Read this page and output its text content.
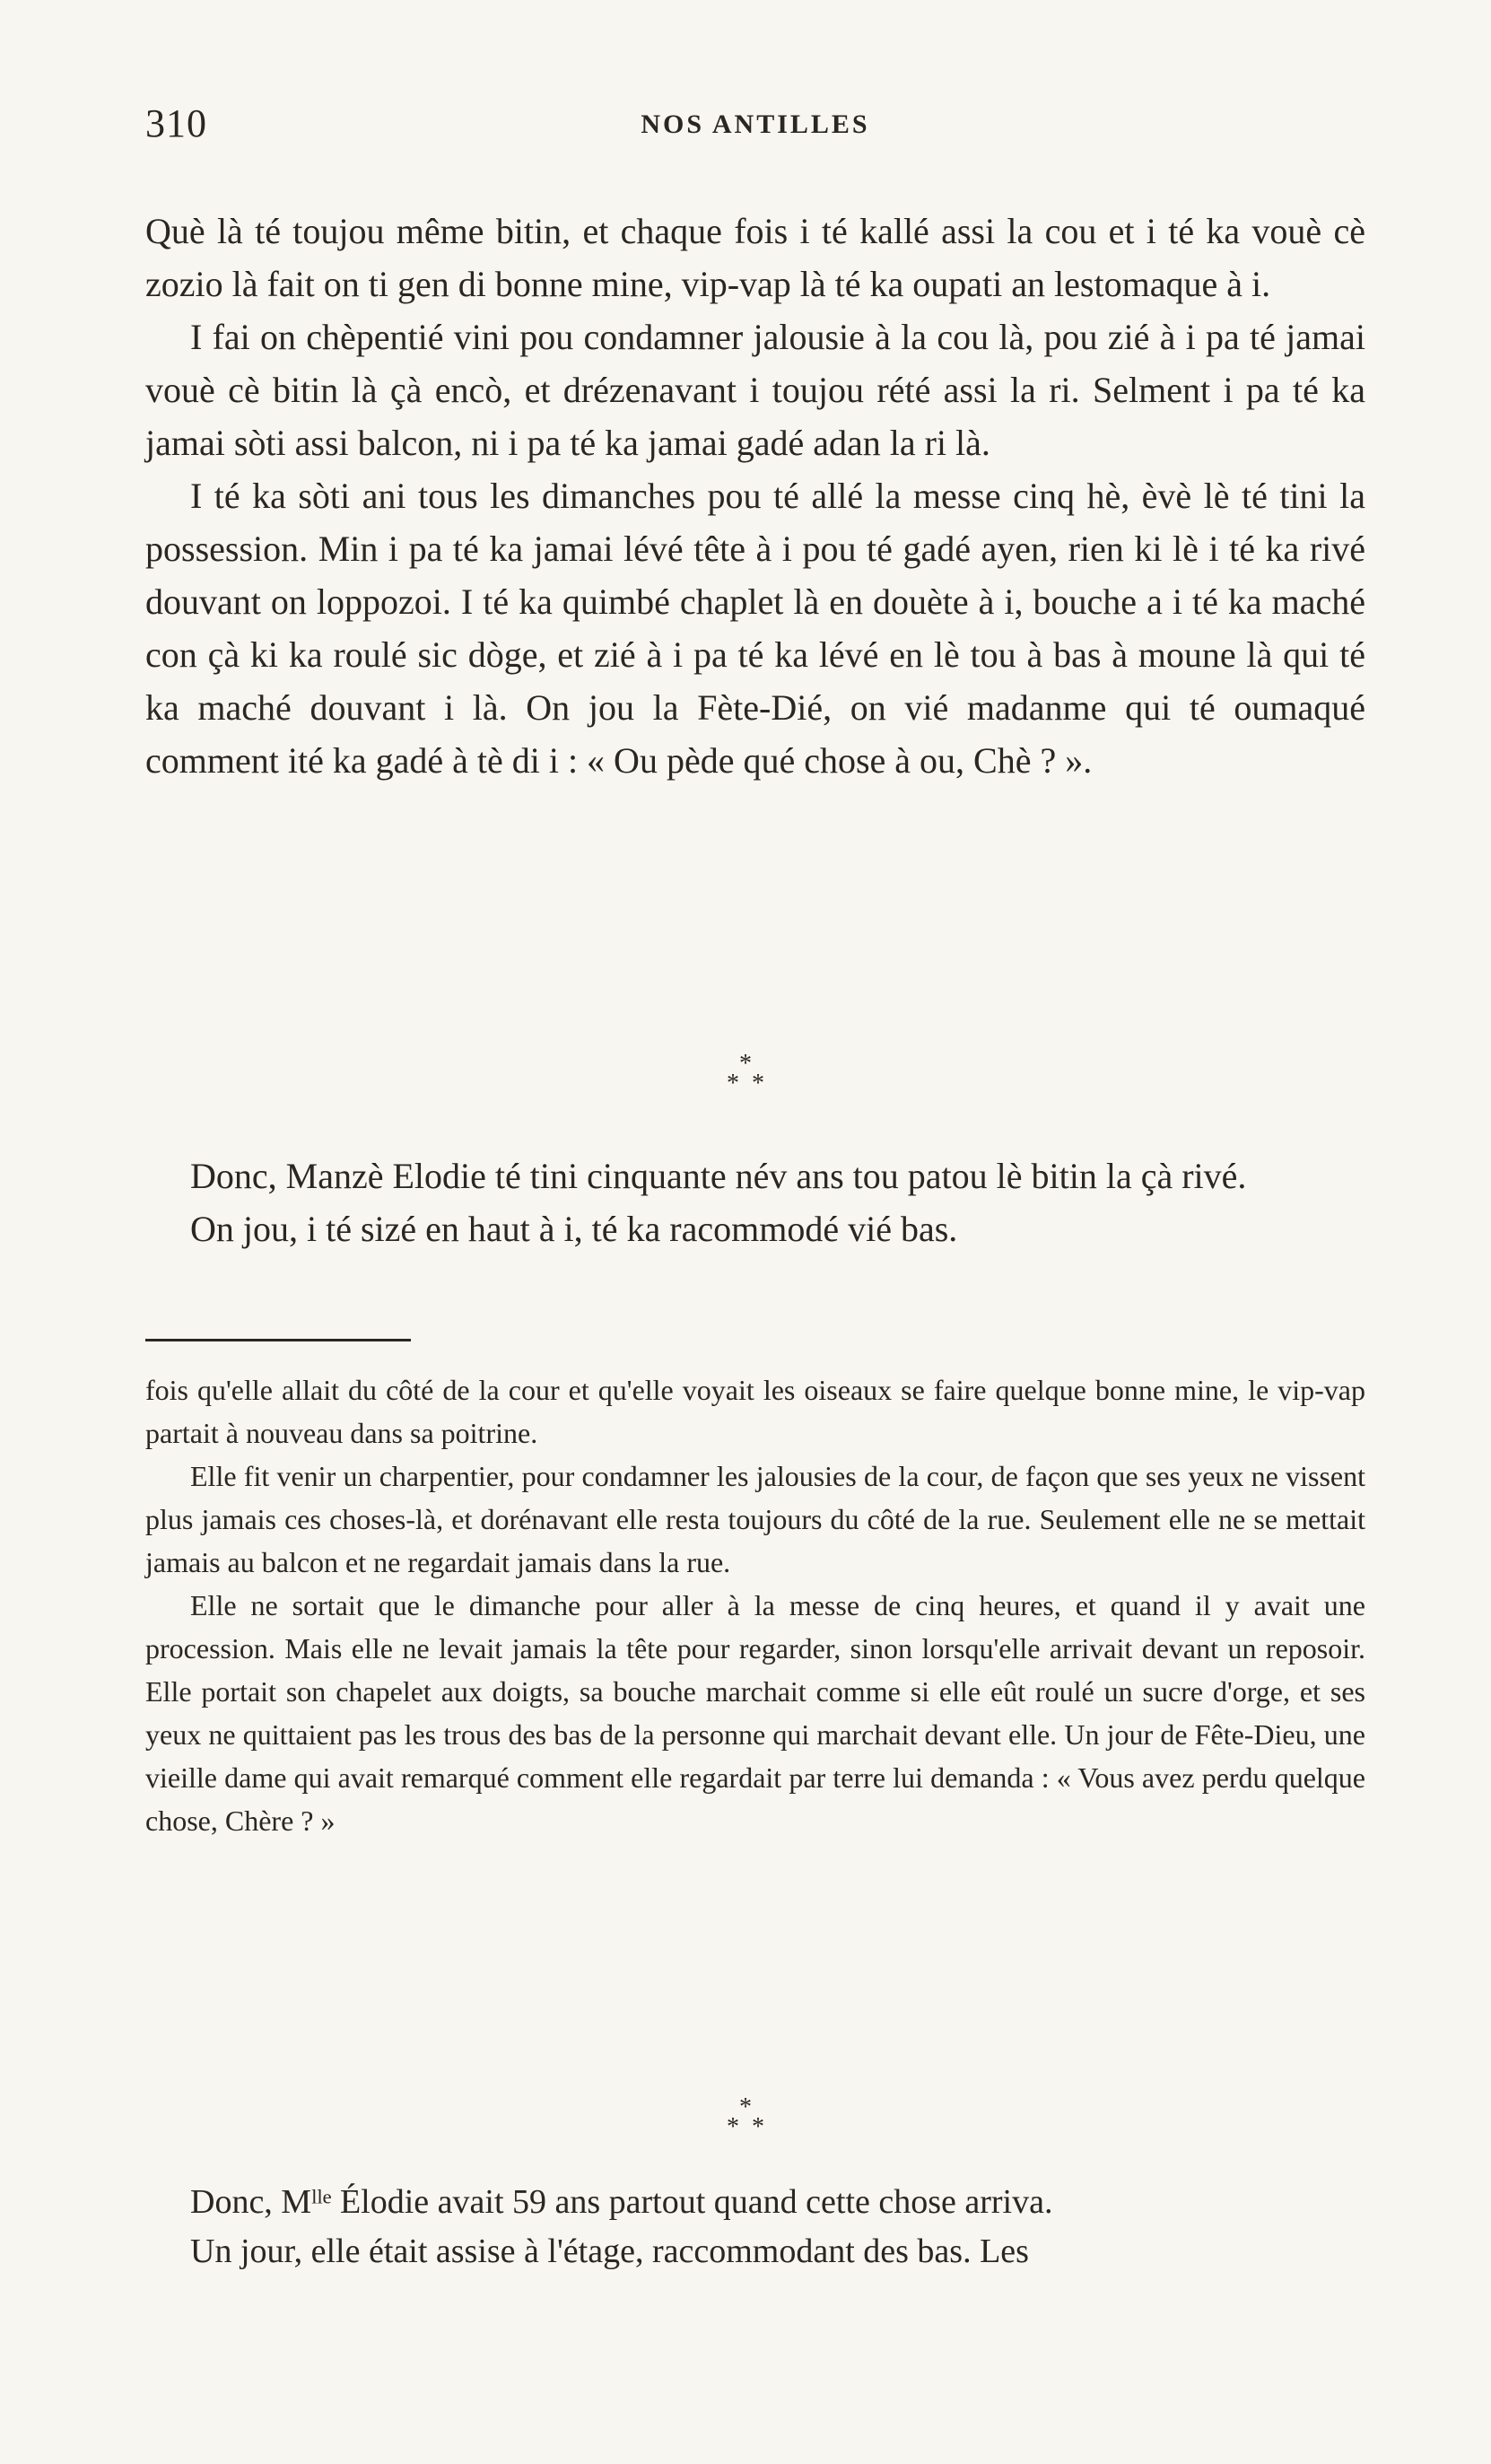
310	NOS ANTILLES

Què là té toujou même bitin, et chaque fois i té kallé assi la cou et i té ka vouè cè zozio là fait on ti gen di bonne mine, vip-vap là té ka oupati an lestomaque à i.

I fai on chèpentié vini pou condamner jalousie à la cou là, pou zié à i pa té jamai vouè cè bitin là çà encò, et drézenavant i toujou rété assi la ri. Selment i pa té ka jamai sòti assi balcon, ni i pa té ka jamai gadé adan la ri là.

I té ka sòti ani tous les dimanches pou té allé la messe cinq hè, èvè lè té tini la possession. Min i pa té ka jamai lévé tête à i pou té gadé ayen, rien ki lè i té ka rivé douvant on loppozoi. I té ka quimbé chaplet là en douète à i, bouche a i té ka maché con çà ki ka roulé sic dòge, et zié à i pa té ka lévé en lè tou à bas à moune là qui té ka maché douvant i là. On jou la Fète-Dié, on vié madanme qui té oumaqué comment ité ka gadé à tè di i : « Ou pède qué chose à ou, Chè ? ».

*
**

Donc, Manzè Elodie té tini cinquante név ans tou patou lè bitin la çà rivé.

On jou, i té sizé en haut à i, té ka racommodé vié bas.

fois qu'elle allait du côté de la cour et qu'elle voyait les oiseaux se faire quelque bonne mine, le vip-vap partait à nouveau dans sa poitrine.

Elle fit venir un charpentier, pour condamner les jalousies de la cour, de façon que ses yeux ne vissent plus jamais ces choses-là, et dorénavant elle resta toujours du côté de la rue. Seulement elle ne se mettait jamais au balcon et ne regardait jamais dans la rue.

Elle ne sortait que le dimanche pour aller à la messe de cinq heures, et quand il y avait une procession. Mais elle ne levait jamais la tête pour regarder, sinon lorsqu'elle arrivait devant un reposoir. Elle portait son chapelet aux doigts, sa bouche marchait comme si elle eût roulé un sucre d'orge, et ses yeux ne quittaient pas les trous des bas de la personne qui marchait devant elle. Un jour de Fête-Dieu, une vieille dame qui avait remarqué comment elle regardait par terre lui demanda : « Vous avez perdu quelque chose, Chère ? »

*
**

Donc, Mˡˡᵉ Élodie avait 59 ans partout quand cette chose arriva.

Un jour, elle était assise à l'étage, raccommodant des bas. Les
